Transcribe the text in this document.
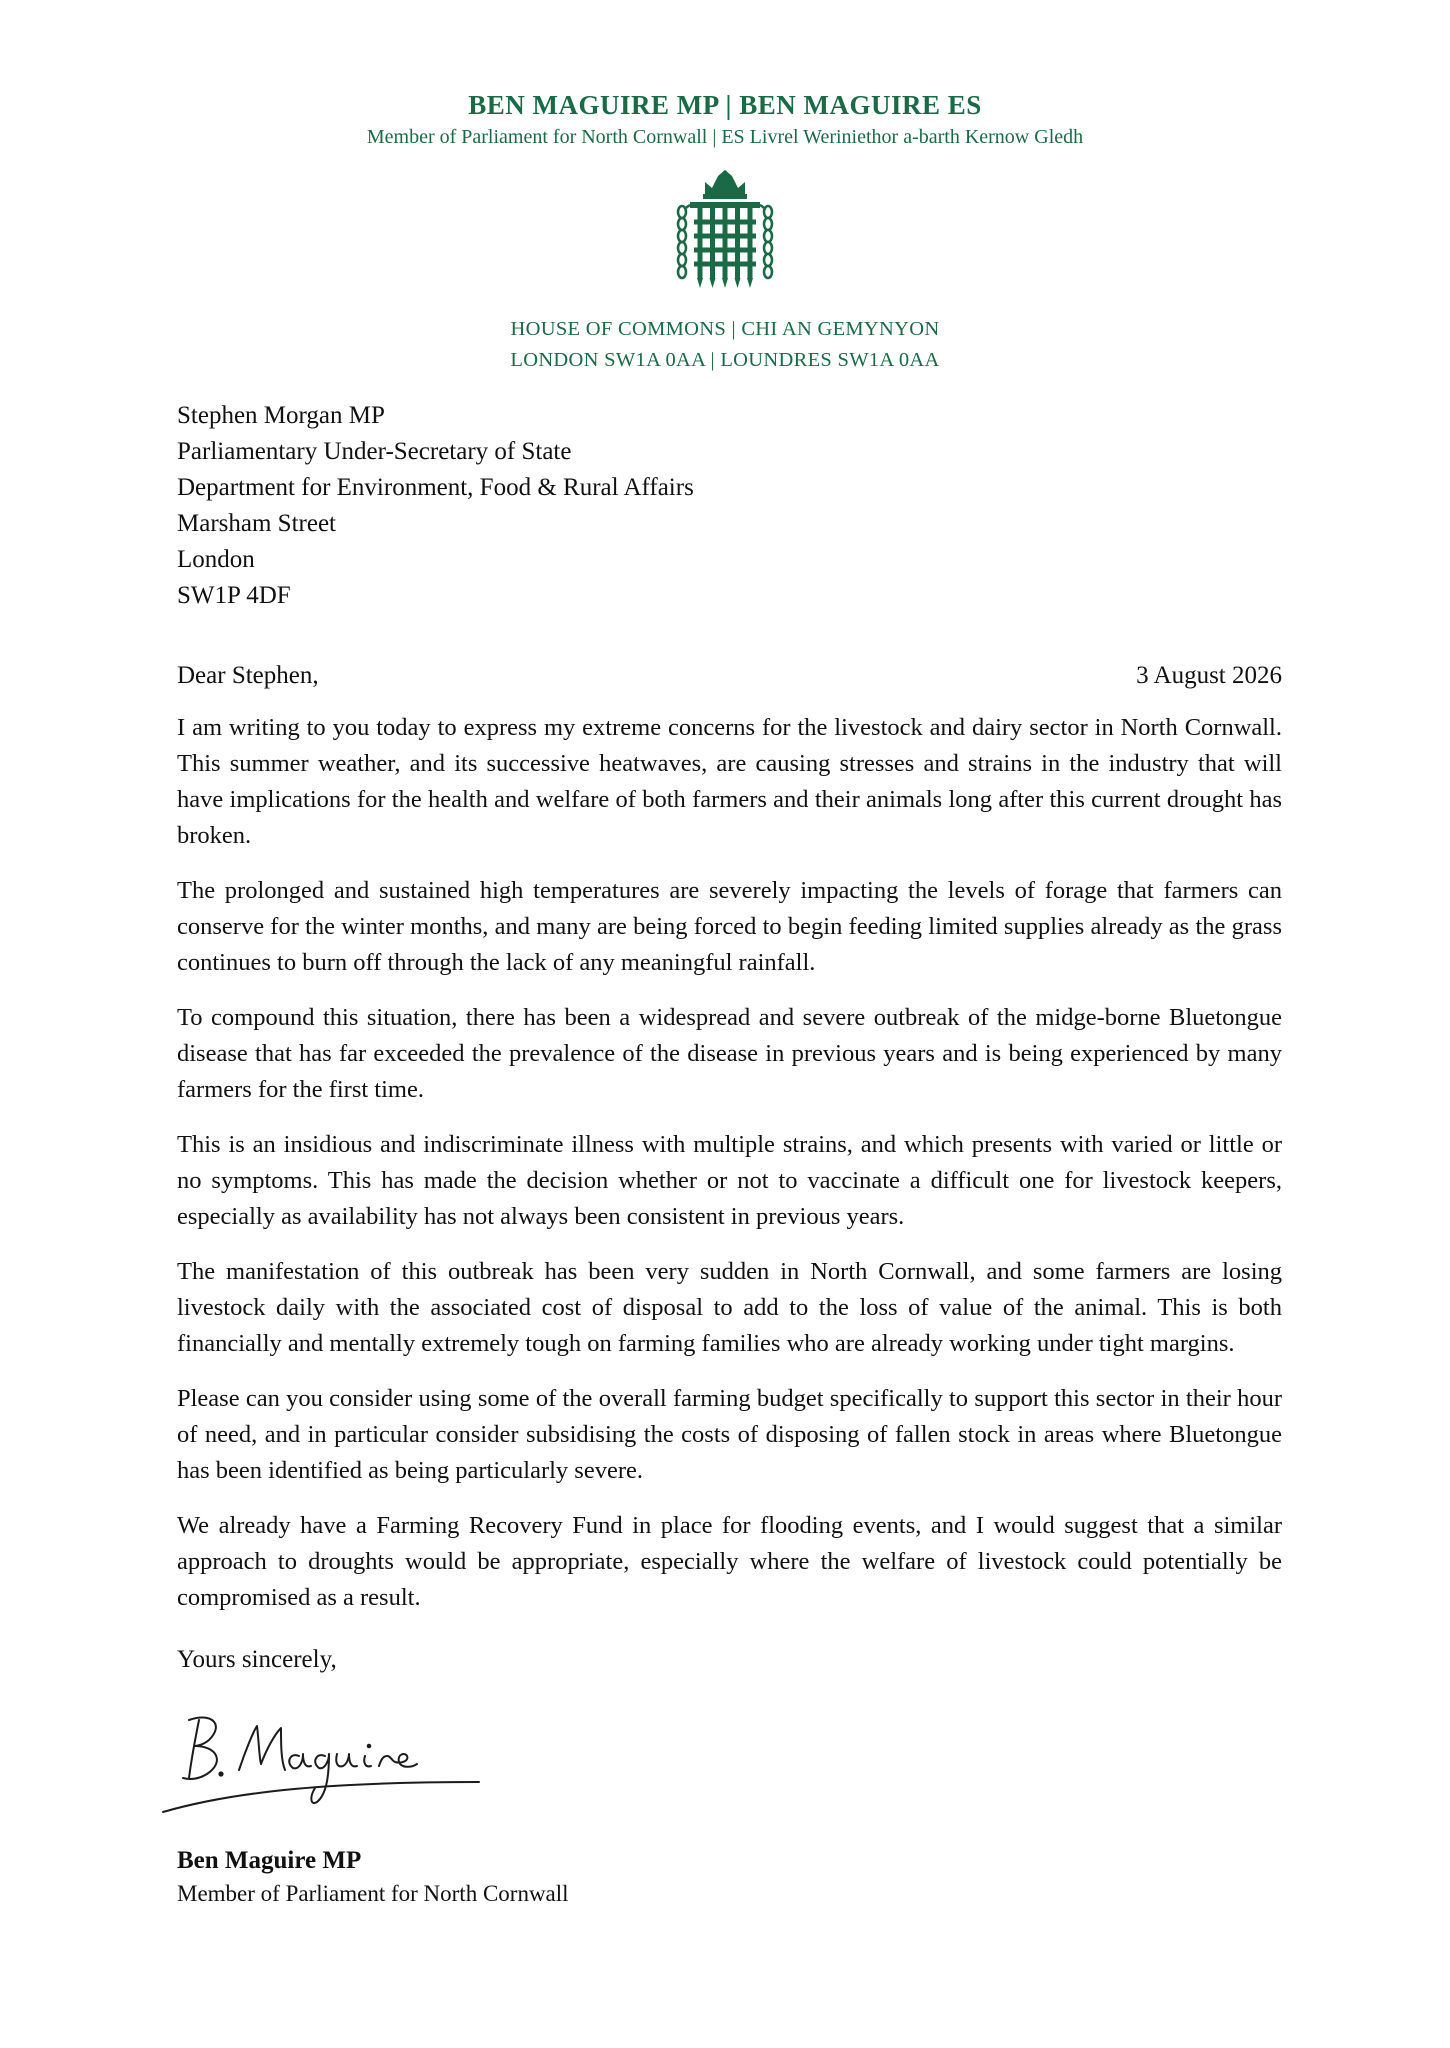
BEN MAGUIRE MP | BEN MAGUIRE ES
Member of Parliament for North Cornwall | ES Livrel Weriniethor a-barth Kernow Gledh
HOUSE OF COMMONS | CHI AN GEMYNYON
LONDON SW1A 0AA | LOUNDRES SW1A 0AA
Stephen Morgan MP
Parliamentary Under-Secretary of State
Department for Environment, Food & Rural Affairs
Marsham Street
London
SW1P 4DF
Dear Stephen,	3 August 2026

I am writing to you today to express my extreme concerns for the livestock and dairy sector in North Cornwall. This summer weather, and its successive heatwaves, are causing stresses and strains in the industry that will have implications for the health and welfare of both farmers and their animals long after this current drought has broken.

The prolonged and sustained high temperatures are severely impacting the levels of forage that farmers can conserve for the winter months, and many are being forced to begin feeding limited supplies already as the grass continues to burn off through the lack of any meaningful rainfall.

To compound this situation, there has been a widespread and severe outbreak of the midge-borne Bluetongue disease that has far exceeded the prevalence of the disease in previous years and is being experienced by many farmers for the first time.

This is an insidious and indiscriminate illness with multiple strains, and which presents with varied or little or no symptoms. This has made the decision whether or not to vaccinate a difficult one for livestock keepers, especially as availability has not always been consistent in previous years.

The manifestation of this outbreak has been very sudden in North Cornwall, and some farmers are losing livestock daily with the associated cost of disposal to add to the loss of value of the animal. This is both financially and mentally extremely tough on farming families who are already working under tight margins.

Please can you consider using some of the overall farming budget specifically to support this sector in their hour of need, and in particular consider subsidising the costs of disposing of fallen stock in areas where Bluetongue has been identified as being particularly severe.

We already have a Farming Recovery Fund in place for flooding events, and I would suggest that a similar approach to droughts would be appropriate, especially where the welfare of livestock could potentially be compromised as a result.

Yours sincerely,
Ben Maguire MP
Member of Parliament for North Cornwall
